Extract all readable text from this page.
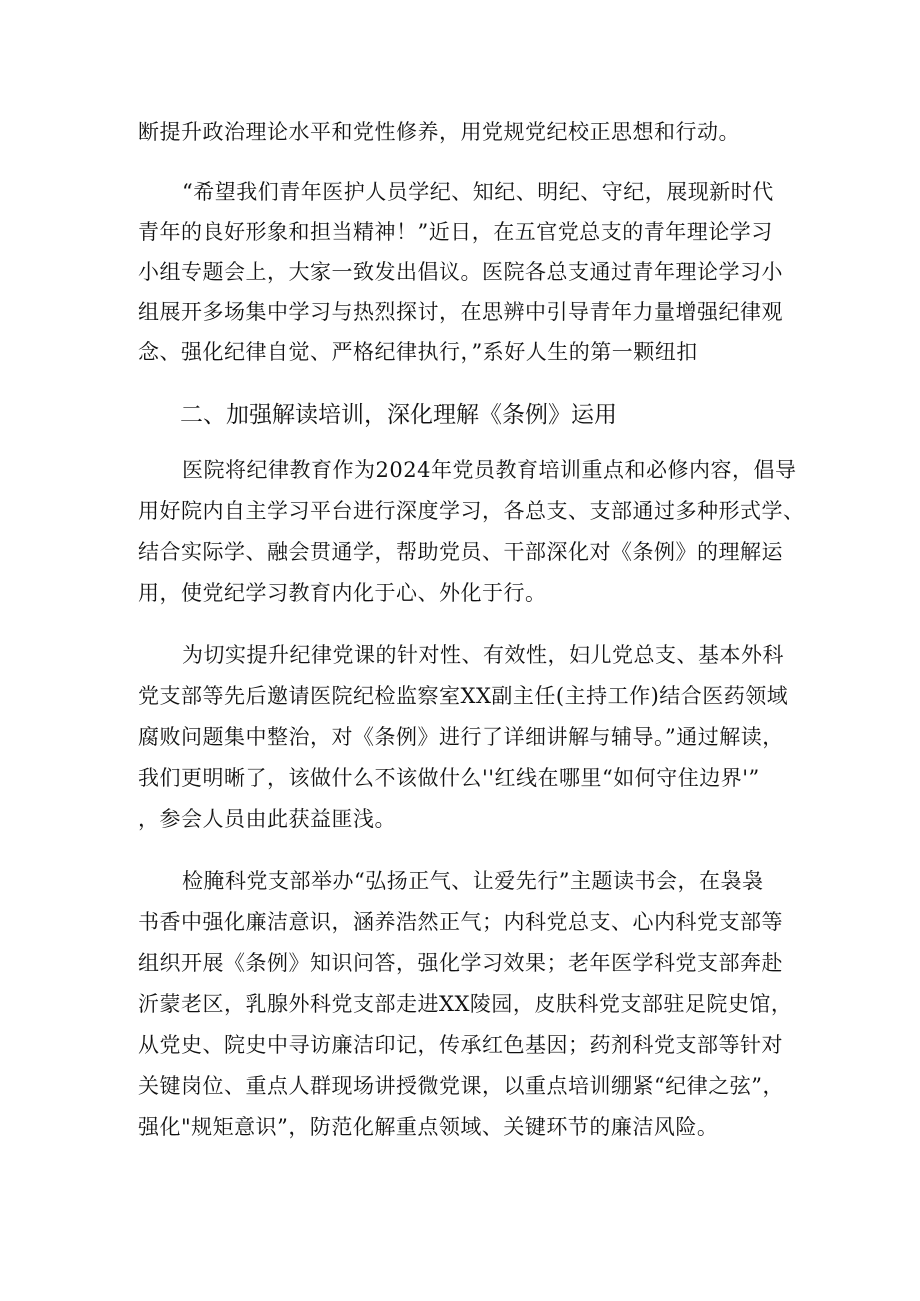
断提升政治理论水平和党性修养，用党规党纪校正思想和行动。
“希望我们青年医护人员学纪、知纪、明纪、守纪，展现新时代
青年的良好形象和担当精神！”近日，在五官党总支的青年理论学习
小组专题会上，大家一致发出倡议。医院各总支通过青年理论学习小
组展开多场集中学习与热烈探讨，在思辨中引导青年力量增强纪律观
念、强化纪律自觉、严格纪律执行，”系好人生的第一颗纽扣
二、加强解读培训，深化理解《条例》运用
医院将纪律教育作为2024年党员教育培训重点和必修内容，倡导
用好院内自主学习平台进行深度学习，各总支、支部通过多种形式学、
结合实际学、融会贯通学，帮助党员、干部深化对《条例》的理解运
用，使党纪学习教育内化于心、外化于行。
为切实提升纪律党课的针对性、有效性，妇儿党总支、基本外科
党支部等先后邀请医院纪检监察室XX副主任(主持工作)结合医药领域
腐败问题集中整治，对《条例》进行了详细讲解与辅导。”通过解读，
我们更明晰了，该做什么不该做什么''红线在哪里“如何守住边界'”
，参会人员由此获益匪浅。
检腌科党支部举办“弘扬正气、让爱先行”主题读书会，在袅袅
书香中强化廉洁意识，涵养浩然正气；内科党总支、心内科党支部等
组织开展《条例》知识问答，强化学习效果；老年医学科党支部奔赴
沂蒙老区，乳腺外科党支部走进XX陵园，皮肤科党支部驻足院史馆，
从党史、院史中寻访廉洁印记，传承红色基因；药剂科党支部等针对
关键岗位、重点人群现场讲授微党课，以重点培训绷紧“纪律之弦”，
强化"规矩意识”，防范化解重点领域、关键环节的廉洁风险。
